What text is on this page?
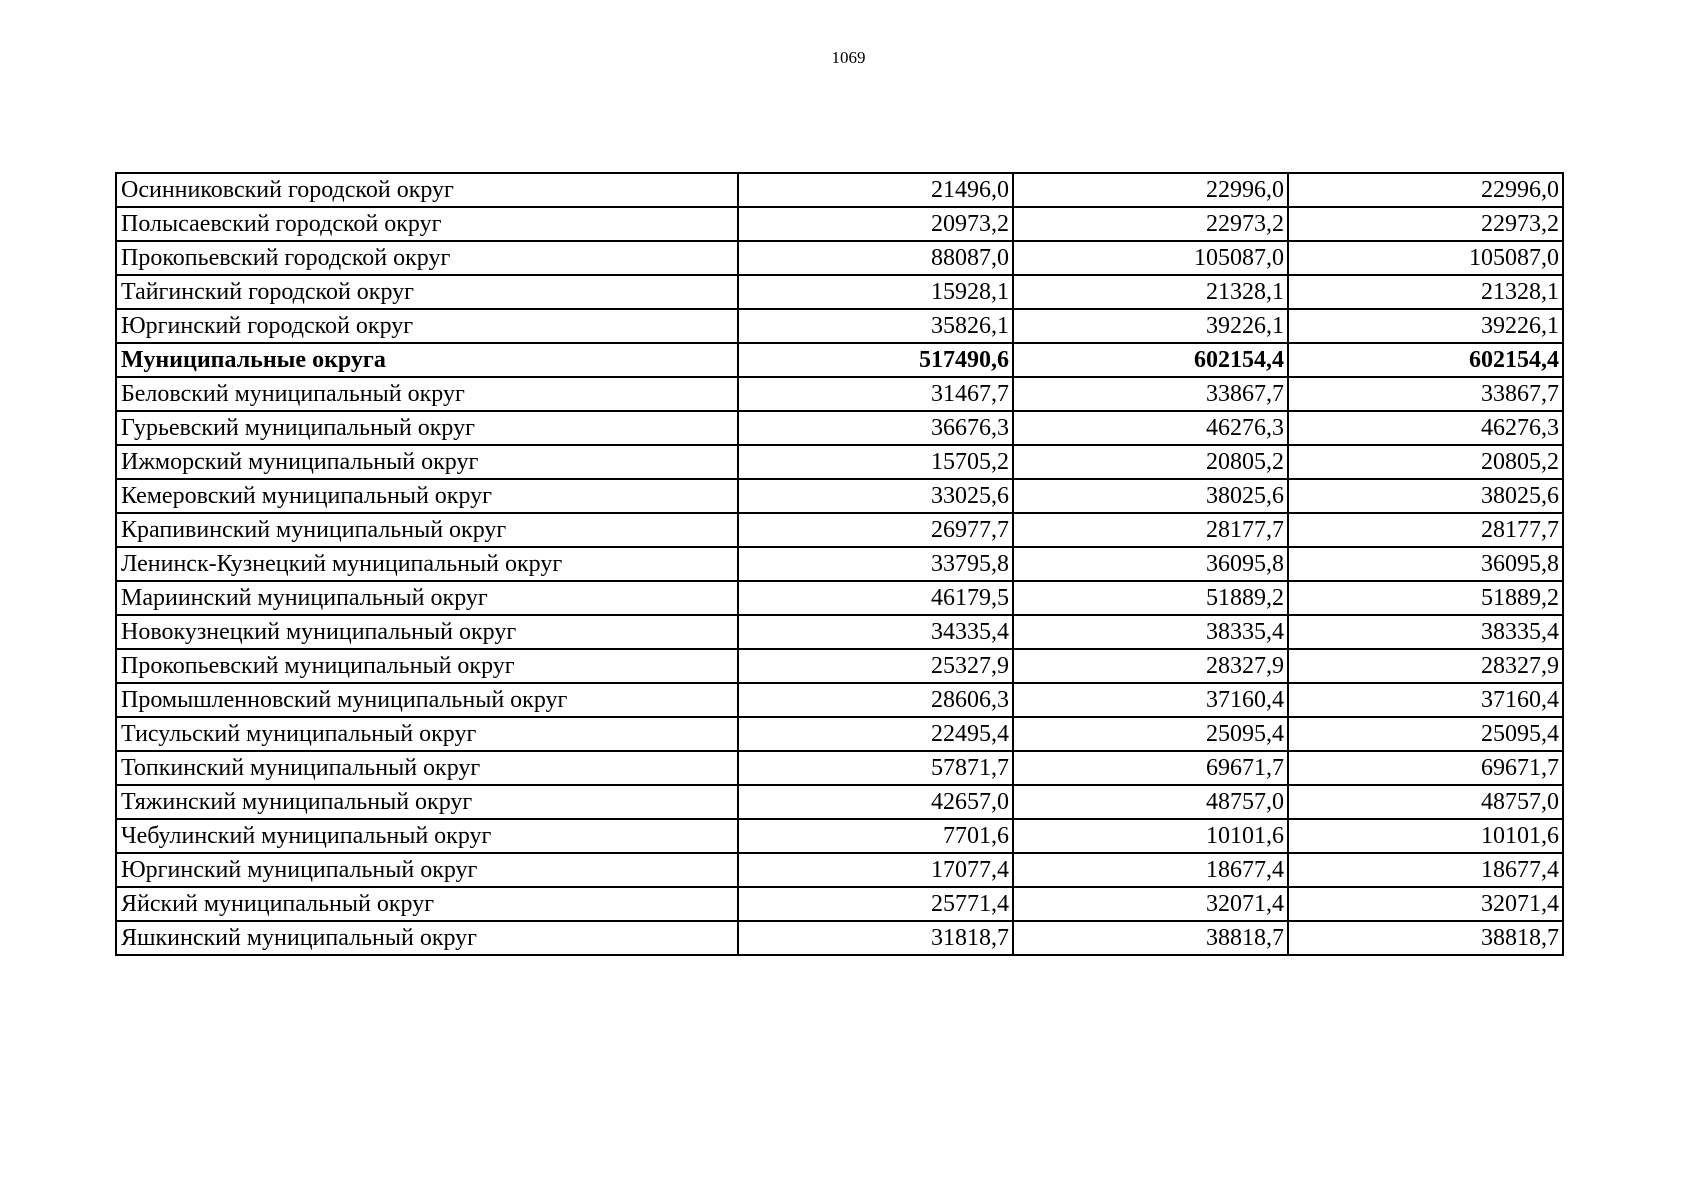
1069
Осинниковский городской округ	21496,0	22996,0	22996,0
Полысаевский городской округ	20973,2	22973,2	22973,2
Прокопьевский городской округ	88087,0	105087,0	105087,0
Тайгинский городской округ	15928,1	21328,1	21328,1
Юргинский городской округ	35826,1	39226,1	39226,1
Муниципальные округа	517490,6	602154,4	602154,4
Беловский муниципальный округ	31467,7	33867,7	33867,7
Гурьевский муниципальный округ	36676,3	46276,3	46276,3
Ижморский муниципальный округ	15705,2	20805,2	20805,2
Кемеровский муниципальный округ	33025,6	38025,6	38025,6
Крапивинский муниципальный округ	26977,7	28177,7	28177,7
Ленинск-Кузнецкий муниципальный округ	33795,8	36095,8	36095,8
Мариинский муниципальный округ	46179,5	51889,2	51889,2
Новокузнецкий муниципальный округ	34335,4	38335,4	38335,4
Прокопьевский муниципальный округ	25327,9	28327,9	28327,9
Промышленновский муниципальный округ	28606,3	37160,4	37160,4
Тисульский муниципальный округ	22495,4	25095,4	25095,4
Топкинский муниципальный округ	57871,7	69671,7	69671,7
Тяжинский муниципальный округ	42657,0	48757,0	48757,0
Чебулинский муниципальный округ	7701,6	10101,6	10101,6
Юргинский муниципальный округ	17077,4	18677,4	18677,4
Яйский муниципальный округ	25771,4	32071,4	32071,4
Яшкинский муниципальный округ	31818,7	38818,7	38818,7
